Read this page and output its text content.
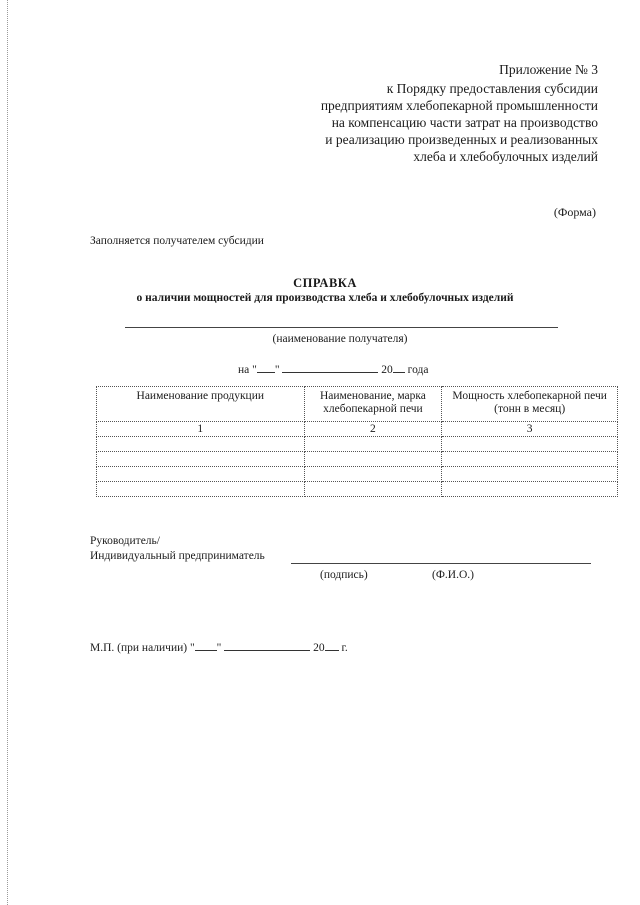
Приложение № 3
к Порядку предоставления субсидии
предприятиям хлебопекарной промышленности
на компенсацию части затрат на производство
и реализацию произведенных и реализованных
хлеба и хлебобулочных изделий
(Форма)
Заполняется получателем субсидии
СПРАВКА
о наличии мощностей для производства хлеба и хлебобулочных изделий
(наименование получателя)
на " "	20 года
Наименование продукции	Наименование, марка хлебопекарной печи	Мощность хлебопекарной печи (тонн в месяц)
1	2	3

Руководитель/
Индивидуальный предприниматель
(подпись)	(Ф.И.О.)
М.П. (при наличии) " "	20 г.
